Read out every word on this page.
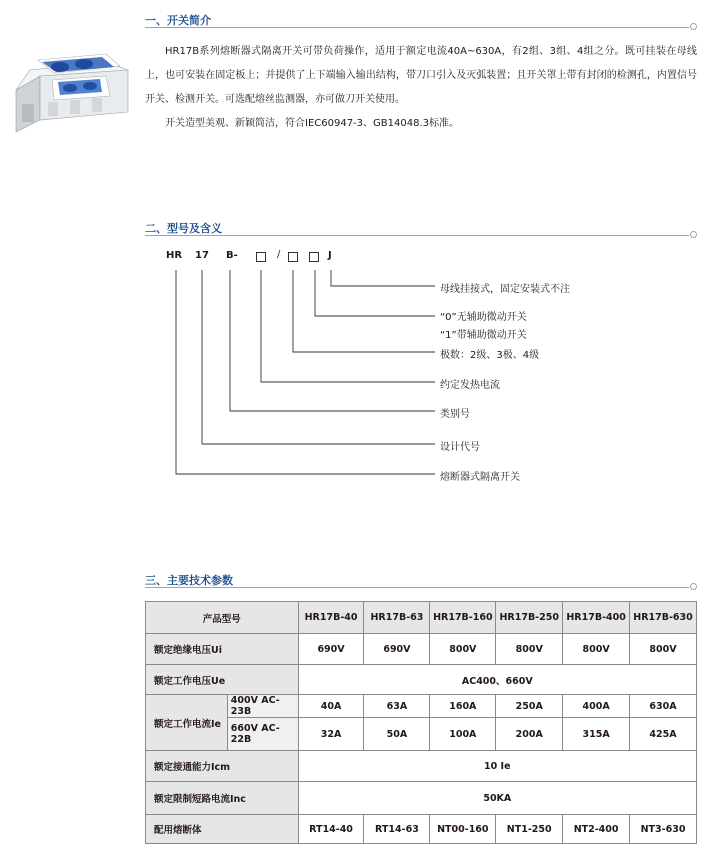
一、开关简介

HR17B系列熔断器式隔离开关可带负荷操作，适用于额定电流40A~630A，有2组、3组、4组之分。既可挂装在母线上，也可安装在固定板上；并提供了上下端输入输出结构，带刀口引入及灭弧装置；且开关罩上带有封闭的检测孔，内置信号开关、检测开关。可选配熔丝监测器，亦可做刀开关使用。

开关造型美观、新颖简洁，符合IEC60947-3、GB14048.3标准。

二、型号及含义
HR 17 B-	/	J
母线挂接式，固定安装式不注
“0”无辅助微动开关
“1”带辅助微动开关
极数：2级、3极、4级
约定发热电流
类别号
设计代号
熔断器式隔离开关
三、主要技术参数
产品型号		HR17B-40	HR17B-63	HR17B-160	HR17B-250	HR17B-400	HR17B-630
额定绝缘电压Ui		690V	690V	800V	800V	800V	800V
额定工作电压Ue		AC400、660V					
额定工作电流Ie	400V AC-23B	40A	63A	160A	250A	400A	630A
	660V AC-22B	32A	50A	100A	200A	315A	425A
额定接通能力Icm		10 Ie					
额定限制短路电流Inc		50KA					
配用熔断体		RT14-40	RT14-63	NT00-160	NT1-250	NT2-400	NT3-630
